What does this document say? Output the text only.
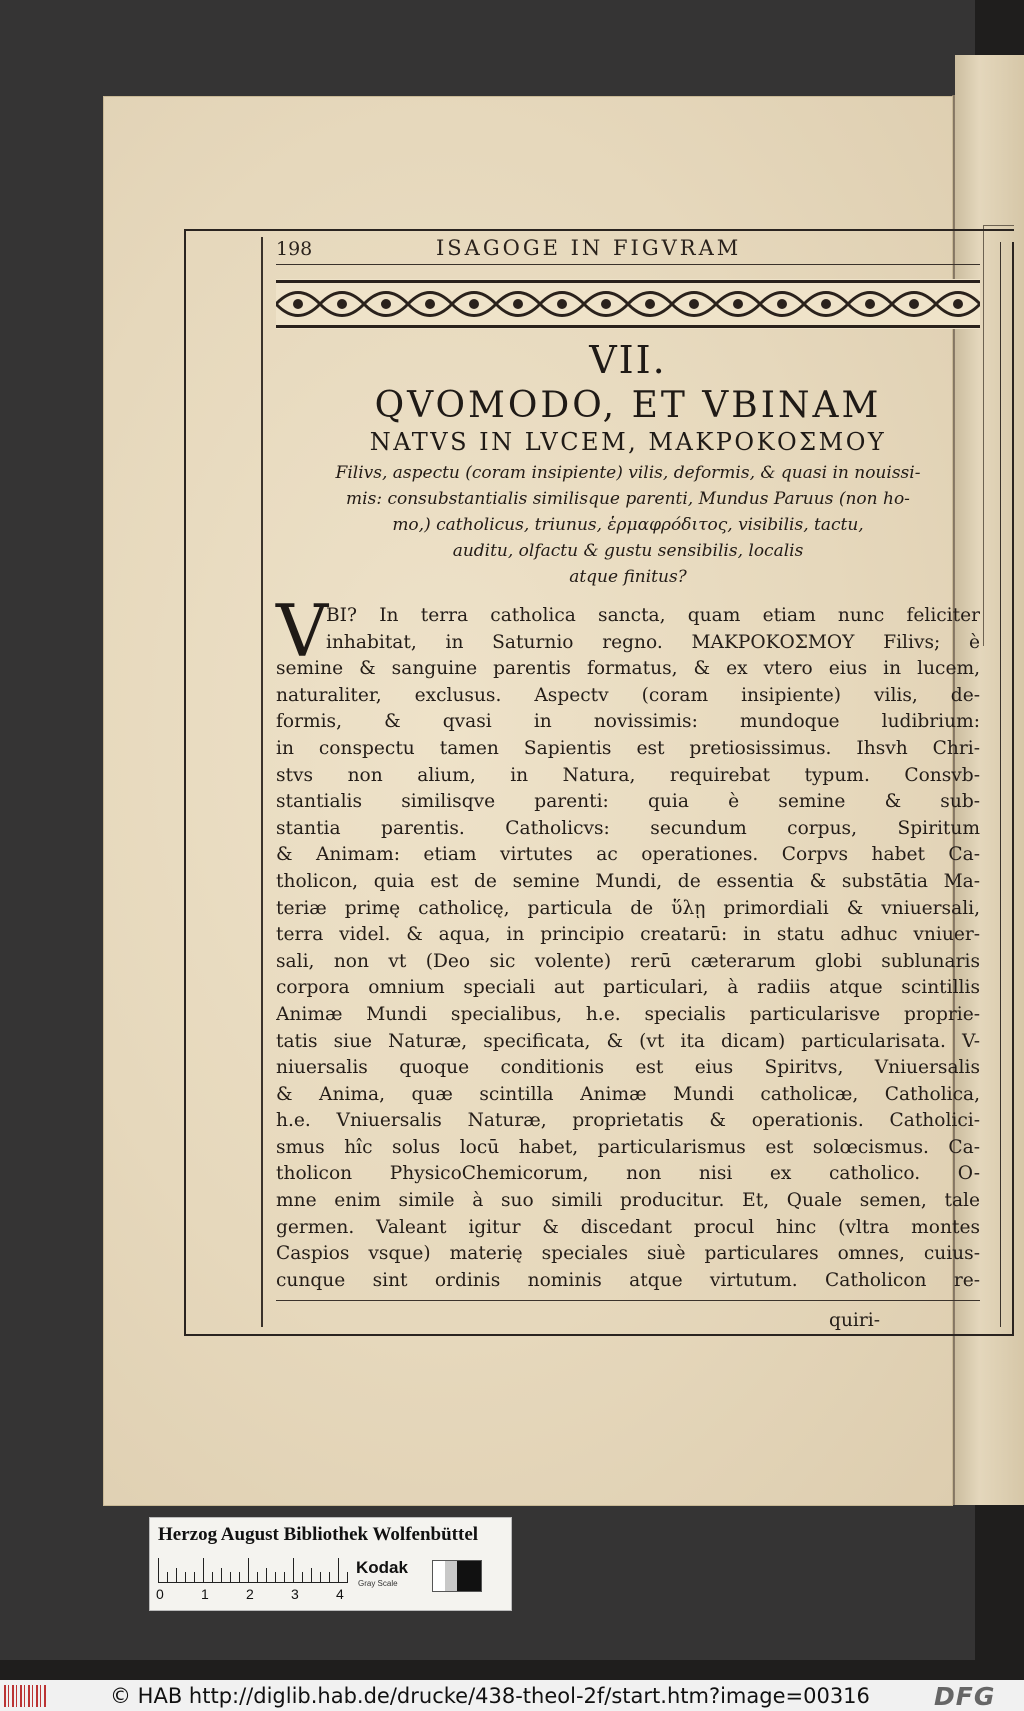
198	ISAGOGE IN FIGVRAM
VII.
QVOMODO, ET VBINAM
NATVS IN LVCEM, ΜΑΚΡΟΚΟΣΜΟΥ
Filivs, aspectu (coram insipiente) vilis, deformis, & quasi in nouissi-
mis: consubstantialis similisque parenti, Mundus Paruus (non ho-
mo,) catholicus, triunus, ἑρμαφρόδιτος, visibilis, tactu,
auditu, olfactu & gustu sensibilis, localis
atque finitus?
V
BI? In terra catholica sancta, quam etiam nunc feliciter
inhabitat, in Saturnio regno. ΜΑΚΡΟΚΟΣΜΟΥ Filivs; è
semine & sanguine parentis formatus, & ex vtero eius in lucem,
naturaliter, exclusus. Aspectv (coram insipiente) vilis, de-
formis, & qvasi in novissimis: mundoque ludibrium:
in conspectu tamen Sapientis est pretiosissimus. Ihsvh Chri-
stvs non alium, in Natura, requirebat typum. Consvb-
stantialis similisqve parenti: quia è semine & sub-
stantia parentis. Catholicvs: secundum corpus, Spiritum
& Animam: etiam virtutes ac operationes. Corpvs habet Ca-
tholicon, quia est de semine Mundi, de essentia & substātia Ma-
teriæ primę catholicę, particula de ὕλῃ primordiali & vniuersali,
terra videl. & aqua, in principio creatarū: in statu adhuc vniuer-
sali, non vt (Deo sic volente) rerū cæterarum globi sublunaris
corpora omnium speciali aut particulari, à radiis atque scintillis
Animæ Mundi specialibus, h.e. specialis particularisve proprie-
tatis siue Naturæ, specificata, & (vt ita dicam) particularisata. V-
niuersalis quoque conditionis est eius Spiritvs, Vniuersalis
& Anima, quæ scintilla Animæ Mundi catholicæ, Catholica,
h.e. Vniuersalis Naturæ, proprietatis & operationis. Catholici-
smus hîc solus locū habet, particularismus est solœcismus. Ca-
tholicon PhysicoChemicorum, non nisi ex catholico. O-
mne enim simile à suo simili producitur. Et, Quale semen, tale
germen. Valeant igitur & discedant procul hinc (vltra montes
Caspios vsque) materię speciales siuè particulares omnes, cuius-
cunque sint ordinis nominis atque virtutum. Catholicon re-
quiri-
Herzog August Bibliothek Wolfenbüttel
0	1	2	3	4
Kodak
Gray Scale
© HAB http://diglib.hab.de/drucke/438-theol-2f/start.htm?image=00316	DFG
